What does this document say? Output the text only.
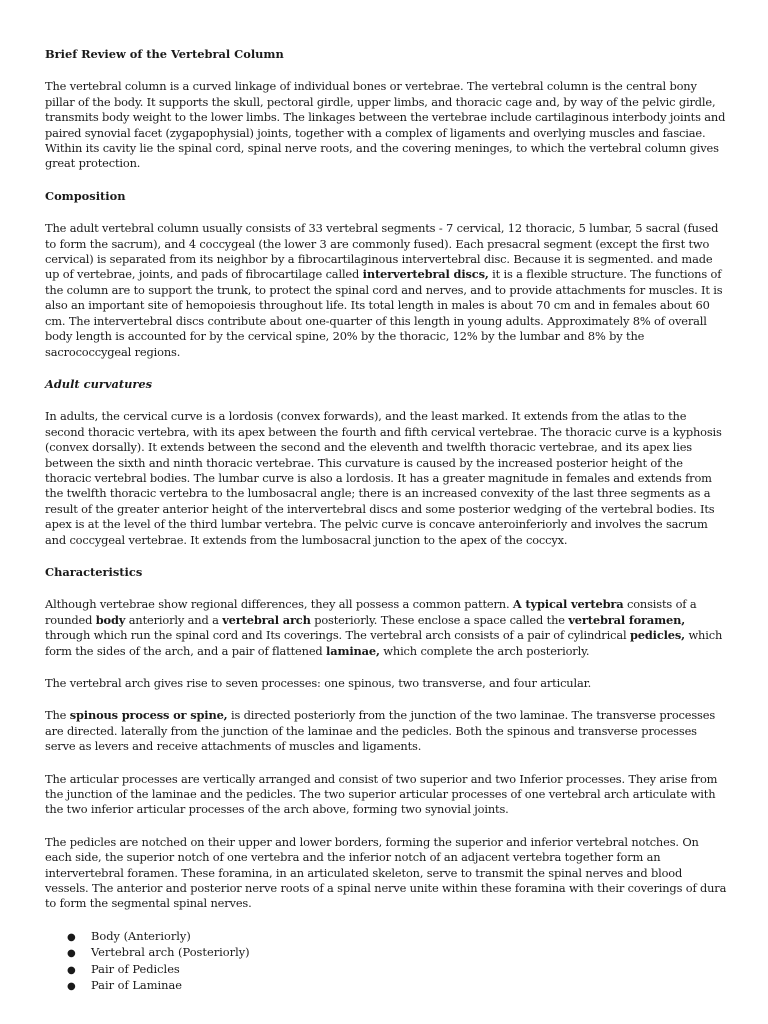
Brief Review of the Vertebral Column

The vertebral column is a curved linkage of individual bones or vertebrae. The vertebral column is the central bony pillar of the body. It supports the skull, pectoral girdle, upper limbs, and thoracic cage and, by way of the pelvic girdle, transmits body weight to the lower limbs. The linkages between the vertebrae include cartilaginous interbody joints and paired synovial facet (zygapophysial) joints, together with a complex of ligaments and overlying muscles and fasciae. Within its cavity lie the spinal cord, spinal nerve roots, and the covering meninges, to which the vertebral column gives great protection.

Composition

The adult vertebral column usually consists of 33 vertebral segments - 7 cervical, 12 thoracic, 5 lumbar, 5 sacral (fused to form the sacrum), and 4 coccygeal (the lower 3 are commonly fused). Each presacral segment (except the first two cervical) is separated from its neighbor by a fibrocartilaginous intervertebral disc. Because it is segmented. and made up of vertebrae, joints, and pads of fibrocartilage called intervertebral discs, it is a flexible structure. The functions of the column are to support the trunk, to protect the spinal cord and nerves, and to provide attachments for muscles. It is also an important site of hemopoiesis throughout life. Its total length in males is about 70 cm and in females about 60 cm. The intervertebral discs contribute about one-quarter of this length in young adults. Approximately 8% of overall body length is accounted for by the cervical spine, 20% by the thoracic, 12% by the lumbar and 8% by the sacrococcygeal regions.

Adult curvatures

In adults, the cervical curve is a lordosis (convex forwards), and the least marked. It extends from the atlas to the second thoracic vertebra, with its apex between the fourth and fifth cervical vertebrae. The thoracic curve is a kyphosis (convex dorsally). It extends between the second and the eleventh and twelfth thoracic vertebrae, and its apex lies between the sixth and ninth thoracic vertebrae. This curvature is caused by the increased posterior height of the thoracic vertebral bodies. The lumbar curve is also a lordosis. It has a greater magnitude in females and extends from the twelfth thoracic vertebra to the lumbosacral angle; there is an increased convexity of the last three segments as a result of the greater anterior height of the intervertebral discs and some posterior wedging of the vertebral bodies. Its apex is at the level of the third lumbar vertebra. The pelvic curve is concave anteroinferiorly and involves the sacrum and coccygeal vertebrae. It extends from the lumbosacral junction to the apex of the coccyx.

Characteristics

Although vertebrae show regional differences, they all possess a common pattern. A typical vertebra consists of a rounded body anteriorly and a vertebral arch posteriorly. These enclose a space called the vertebral foramen, through which run the spinal cord and Its coverings. The vertebral arch consists of a pair of cylindrical pedicles, which form the sides of the arch, and a pair of flattened laminae, which complete the arch posteriorly.

The vertebral arch gives rise to seven processes: one spinous, two transverse, and four articular.

The spinous process or spine, is directed posteriorly from the junction of the two laminae. The transverse processes are directed. laterally from the junction of the laminae and the pedicles. Both the spinous and transverse processes serve as levers and receive attachments of muscles and ligaments.

The articular processes are vertically arranged and consist of two superior and two Inferior processes. They arise from the junction of the laminae and the pedicles. The two superior articular processes of one vertebral arch articulate with the two inferior articular processes of the arch above, forming two synovial joints.

The pedicles are notched on their upper and lower borders, forming the superior and inferior vertebral notches. On each side, the superior notch of one vertebra and the inferior notch of an adjacent vertebra together form an intervertebral foramen. These foramina, in an articulated skeleton, serve to transmit the spinal nerves and blood vessels. The anterior and posterior nerve roots of a spinal nerve unite within these foramina with their coverings of dura to form the segmental spinal nerves.

●	Body (Anteriorly)
●	Vertebral arch (Posteriorly)
●	Pair of Pedicles
●	Pair of Laminae
